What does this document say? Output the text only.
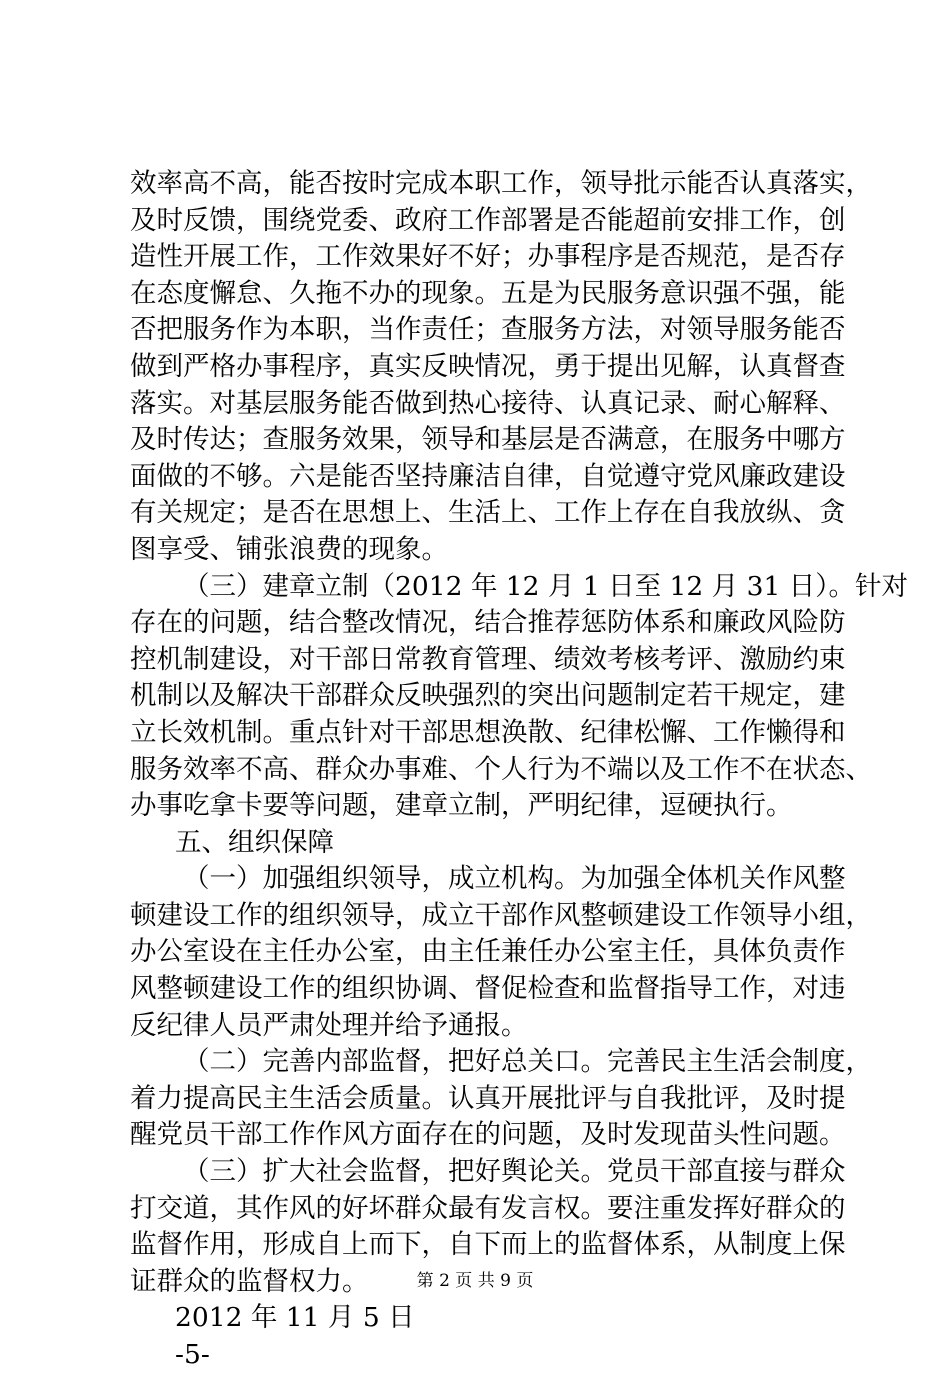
效率高不高，能否按时完成本职工作，领导批示能否认真落实，
及时反馈，围绕党委、政府工作部署是否能超前安排工作，创
造性开展工作，工作效果好不好；办事程序是否规范，是否存
在态度懈怠、久拖不办的现象。五是为民服务意识强不强，能
否把服务作为本职，当作责任；查服务方法，对领导服务能否
做到严格办事程序，真实反映情况，勇于提出见解，认真督查
落实。对基层服务能否做到热心接待、认真记录、耐心解释、
及时传达；查服务效果，领导和基层是否满意，在服务中哪方
面做的不够。六是能否坚持廉洁自律，自觉遵守党风廉政建设
有关规定；是否在思想上、生活上、工作上存在自我放纵、贪
图享受、铺张浪费的现象。
（三）建章立制（2012 年 12 月 1 日至 12 月 31 日）。针对
存在的问题，结合整改情况，结合推荐惩防体系和廉政风险防
控机制建设，对干部日常教育管理、绩效考核考评、激励约束
机制以及解决干部群众反映强烈的突出问题制定若干规定，建
立长效机制。重点针对干部思想涣散、纪律松懈、工作懒得和
服务效率不高、群众办事难、个人行为不端以及工作不在状态、
办事吃拿卡要等问题，建章立制，严明纪律，逗硬执行。
五、组织保障
（一）加强组织领导，成立机构。为加强全体机关作风整
顿建设工作的组织领导，成立干部作风整顿建设工作领导小组，
办公室设在主任办公室，由主任兼任办公室主任，具体负责作
风整顿建设工作的组织协调、督促检查和监督指导工作，对违
反纪律人员严肃处理并给予通报。
（二）完善内部监督，把好总关口。完善民主生活会制度，
着力提高民主生活会质量。认真开展批评与自我批评，及时提
醒党员干部工作作风方面存在的问题，及时发现苗头性问题。
（三）扩大社会监督，把好舆论关。党员干部直接与群众
打交道，其作风的好坏群众最有发言权。要注重发挥好群众的
监督作用，形成自上而下，自下而上的监督体系，从制度上保
证群众的监督权力。
2012 年 11 月 5 日
-5-
第 2 页 共 9 页
